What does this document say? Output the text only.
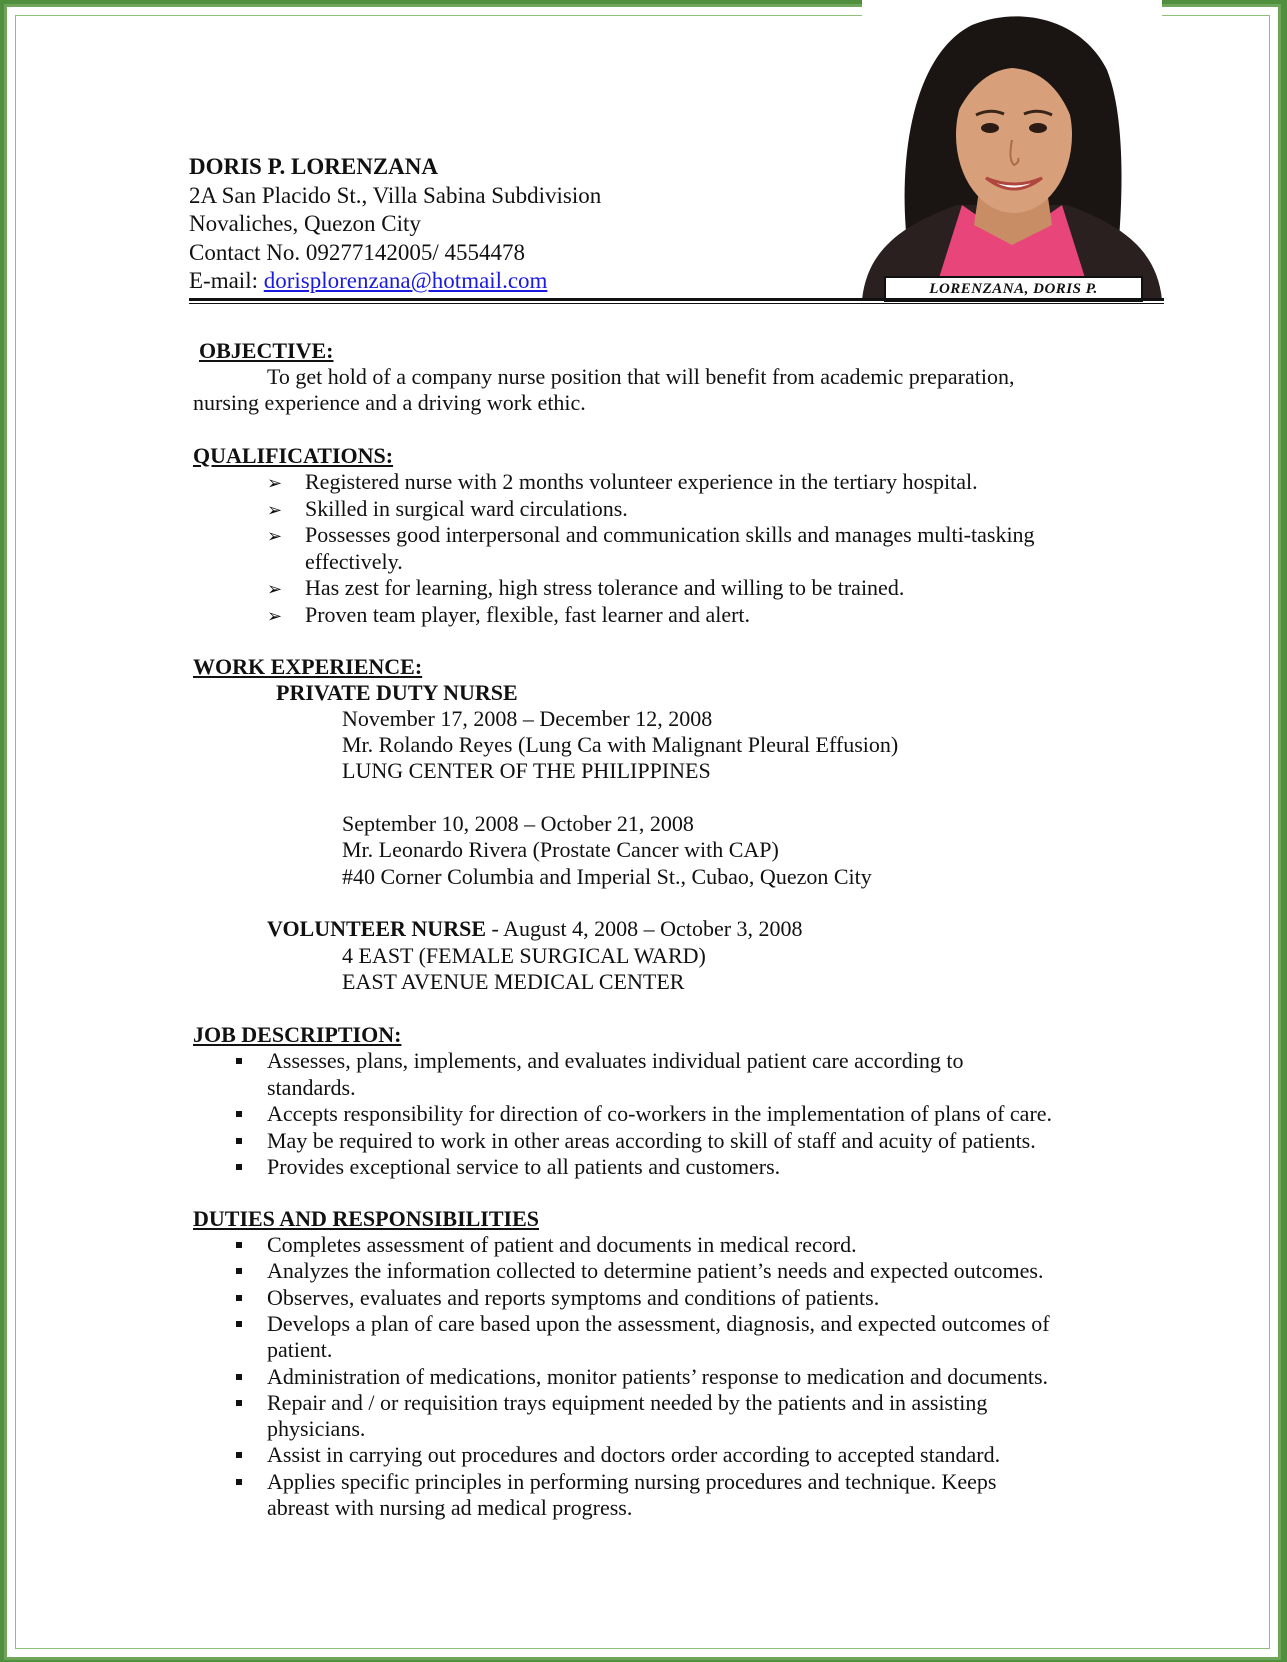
LORENZANA, DORIS P.
DORIS P. LORENZANA
2A San Placido St., Villa Sabina Subdivision
Novaliches, Quezon City
Contact No. 09277142005/ 4554478
E-mail: dorisplorenzana@hotmail.com
OBJECTIVE:
To get hold of a company nurse position that will benefit from academic preparation,
nursing experience and a driving work ethic.
QUALIFICATIONS:
➢ Registered nurse with 2 months volunteer experience in the tertiary hospital.
➢ Skilled in surgical ward circulations.
➢ Possesses good interpersonal and communication skills and manages multi-tasking
effectively.
➢ Has zest for learning, high stress tolerance and willing to be trained.
➢ Proven team player, flexible, fast learner and alert.
WORK EXPERIENCE:
PRIVATE DUTY NURSE
November 17, 2008 – December 12, 2008
Mr. Rolando Reyes (Lung Ca with Malignant Pleural Effusion)
LUNG CENTER OF THE PHILIPPINES
September 10, 2008 – October 21, 2008
Mr. Leonardo Rivera (Prostate Cancer with CAP)
#40 Corner Columbia and Imperial St., Cubao, Quezon City
VOLUNTEER NURSE - August 4, 2008 – October 3, 2008
4 EAST (FEMALE SURGICAL WARD)
EAST AVENUE MEDICAL CENTER
JOB DESCRIPTION:
Assesses, plans, implements, and evaluates individual patient care according to
standards.
Accepts responsibility for direction of co-workers in the implementation of plans of care.
May be required to work in other areas according to skill of staff and acuity of patients.
Provides exceptional service to all patients and customers.
DUTIES AND RESPONSIBILITIES
Completes assessment of patient and documents in medical record.
Analyzes the information collected to determine patient’s needs and expected outcomes.
Observes, evaluates and reports symptoms and conditions of patients.
Develops a plan of care based upon the assessment, diagnosis, and expected outcomes of
patient.
Administration of medications, monitor patients’ response to medication and documents.
Repair and / or requisition trays equipment needed by the patients and in assisting
physicians.
Assist in carrying out procedures and doctors order according to accepted standard.
Applies specific principles in performing nursing procedures and technique. Keeps
abreast with nursing ad medical progress.
